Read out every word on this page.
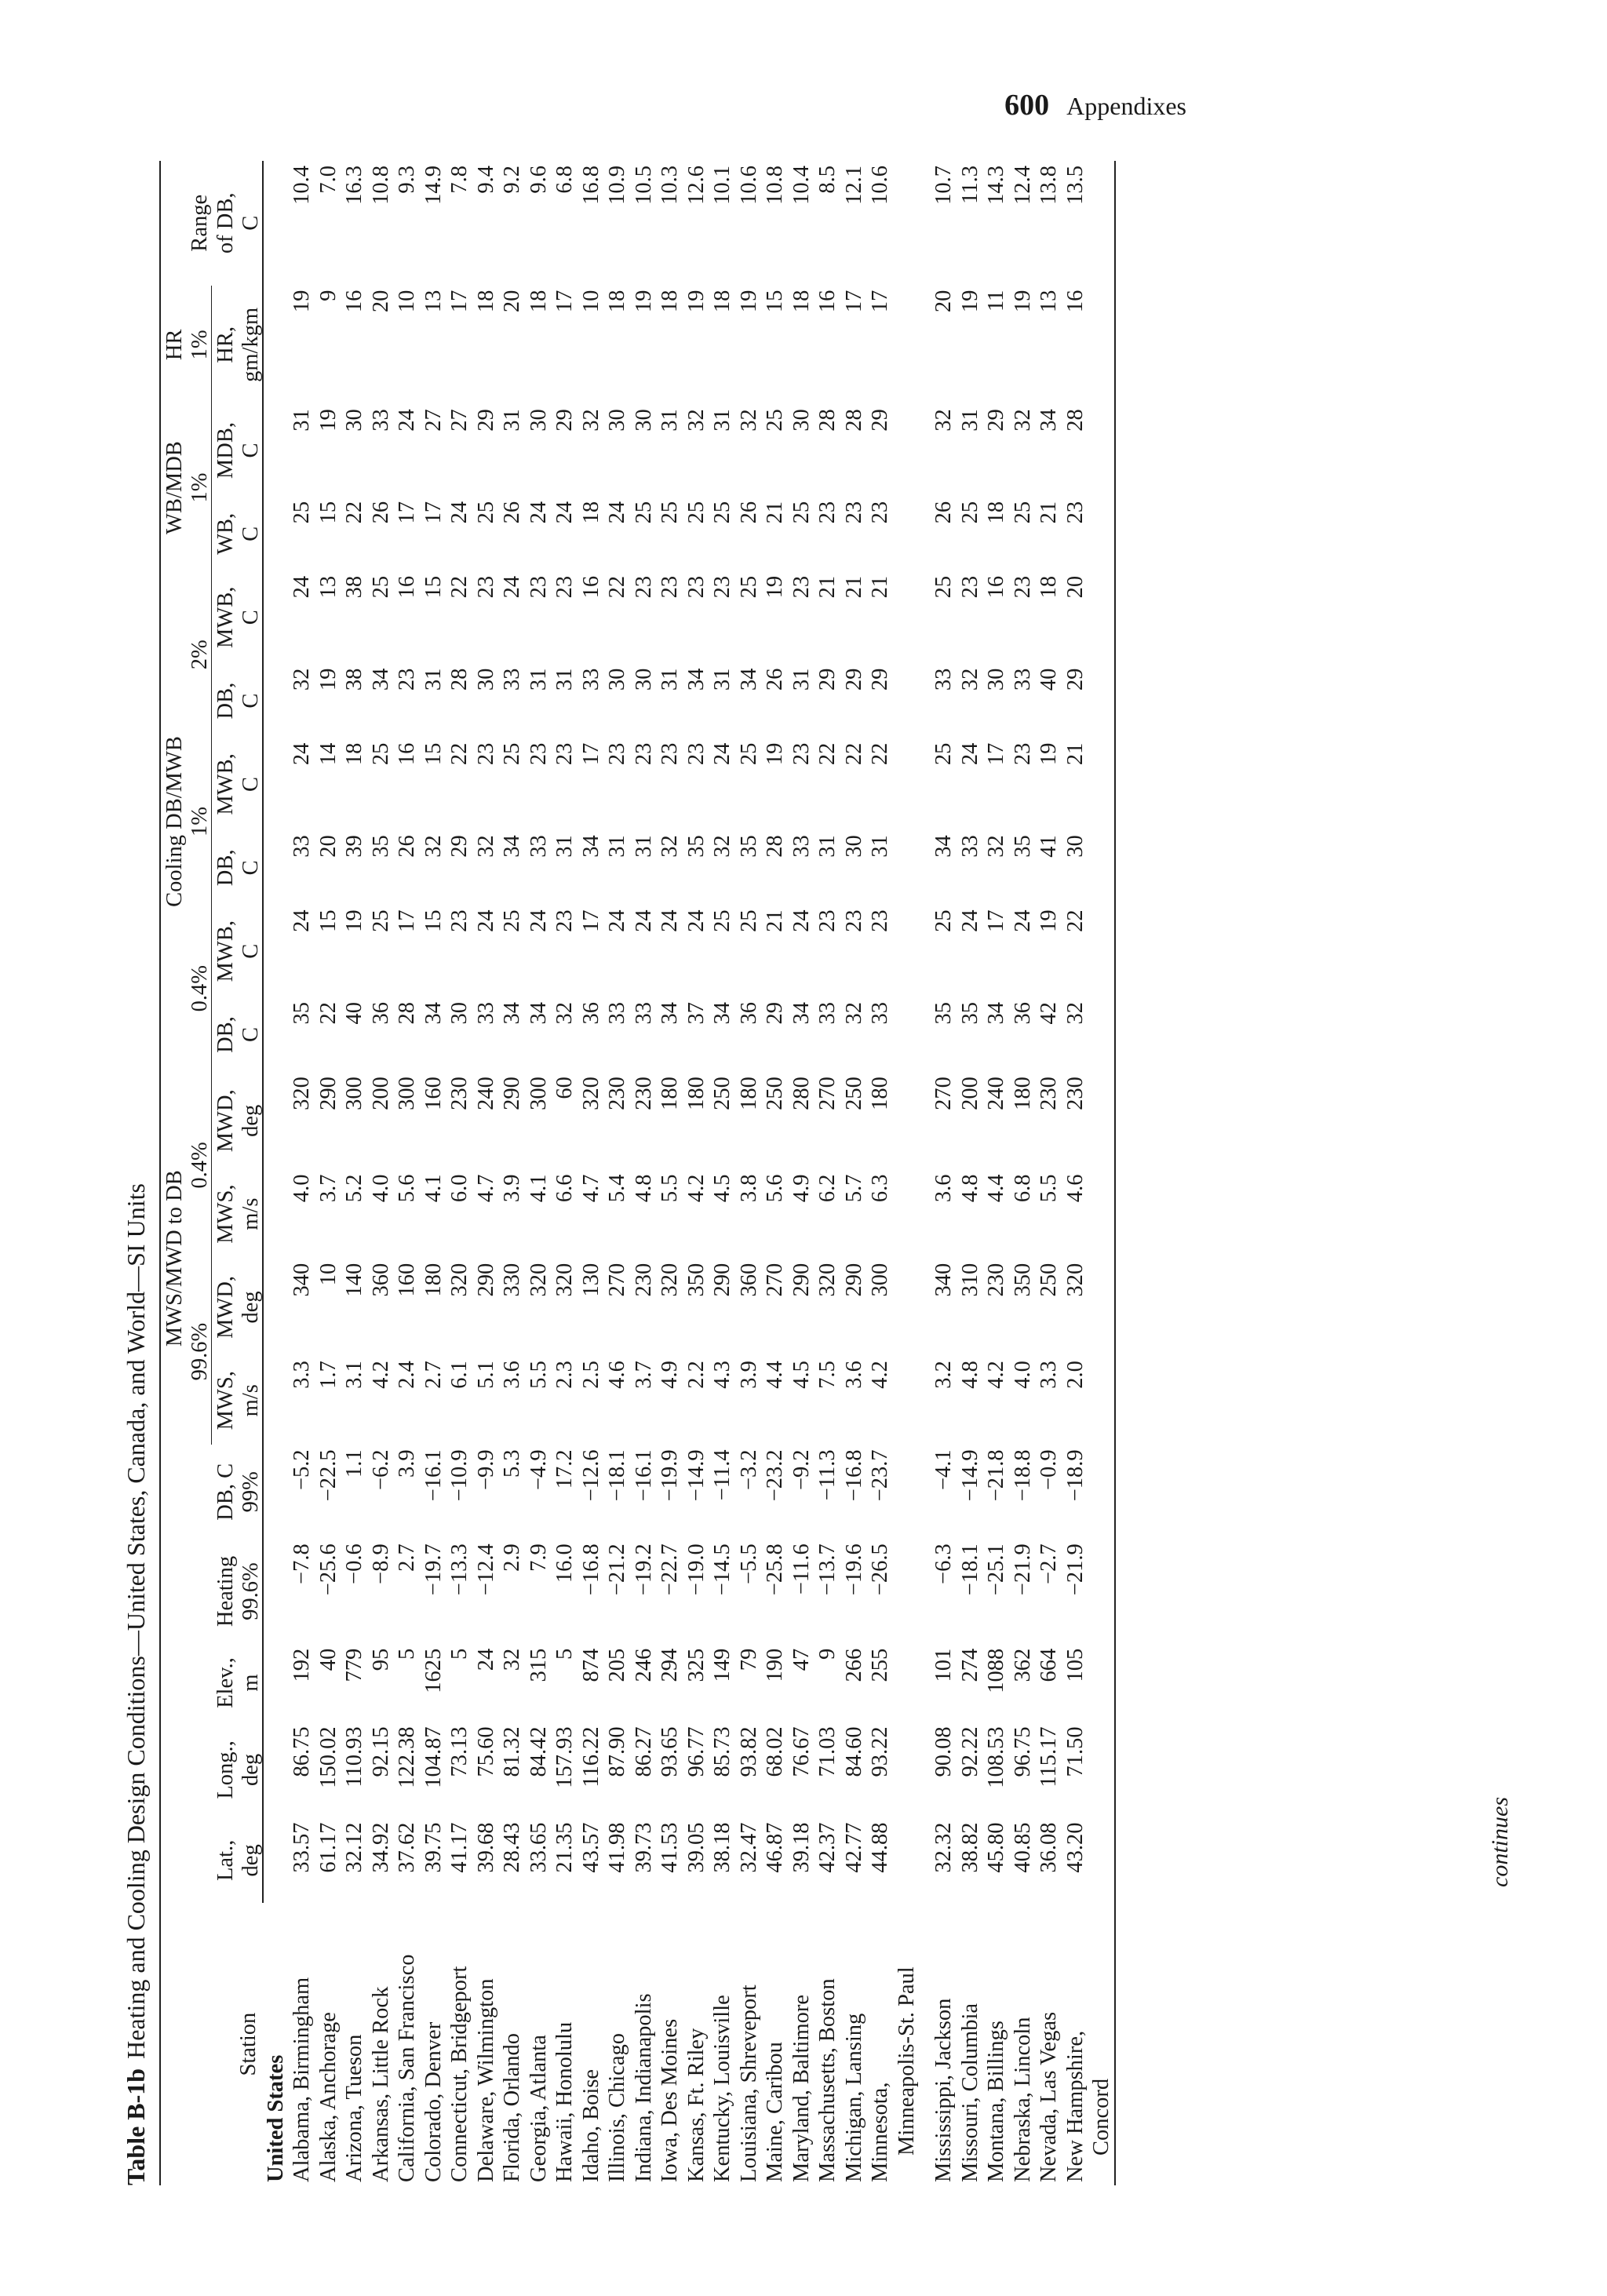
600 Appendixes
continues
Table B-1bHeating and Cooling Design Conditions—United States, Canada, and World—SI Units
						MWS/MWD to DB				Cooling DB/MWB						WB/MDB		HR	
						99.6%		0.4%		0.4%		1%		2%		1%		1%	Range
Station	Lat.,	Long.,	Elev.,	Heating	DB, C	MWS,	MWD,	MWS,	MWD,	DB,	MWB,	DB,	MWB,	DB,	MWB,	WB,	MDB,	HR,	of DB,
	deg	deg	m	99.6%	99%	m/s	deg	m/s	deg	C	C	C	C	C	C	C	C	gm/kgm	C
United States																			
Alabama, Birmingham	33.57	86.75	192	−7.8	−5.2	3.3	340	4.0	320	35	24	33	24	32	24	25	31	19	10.4
Alaska, Anchorage	61.17	150.02	40	−25.6	−22.5	1.7	10	3.7	290	22	15	20	14	19	13	15	19	9	7.0
Arizona, Tueson	32.12	110.93	779	−0.6	1.1	3.1	140	5.2	300	40	19	39	18	38	38	22	30	16	16.3
Arkansas, Little Rock	34.92	92.15	95	−8.9	−6.2	4.2	360	4.0	200	36	25	35	25	34	25	26	33	20	10.8
California, San Francisco	37.62	122.38	5	2.7	3.9	2.4	160	5.6	300	28	17	26	16	23	16	17	24	10	9.3
Colorado, Denver	39.75	104.87	1625	−19.7	−16.1	2.7	180	4.1	160	34	15	32	15	31	15	17	27	13	14.9
Connecticut, Bridgeport	41.17	73.13	5	−13.3	−10.9	6.1	320	6.0	230	30	23	29	22	28	22	24	27	17	7.8
Delaware, Wilmington	39.68	75.60	24	−12.4	−9.9	5.1	290	4.7	240	33	24	32	23	30	23	25	29	18	9.4
Florida, Orlando	28.43	81.32	32	2.9	5.3	3.6	330	3.9	290	34	25	34	25	33	24	26	31	20	9.2
Georgia, Atlanta	33.65	84.42	315	7.9	−4.9	5.5	320	4.1	300	34	24	33	23	31	23	24	30	18	9.6
Hawaii, Honolulu	21.35	157.93	5	16.0	17.2	2.3	320	6.6	60	32	23	31	23	31	23	24	29	17	6.8
Idaho, Boise	43.57	116.22	874	−16.8	−12.6	2.5	130	4.7	320	36	17	34	17	33	16	18	32	10	16.8
Illinois, Chicago	41.98	87.90	205	−21.2	−18.1	4.6	270	5.4	230	33	24	31	23	30	22	24	30	18	10.9
Indiana, Indianapolis	39.73	86.27	246	−19.2	−16.1	3.7	230	4.8	230	33	24	31	23	30	23	25	30	19	10.5
Iowa, Des Moines	41.53	93.65	294	−22.7	−19.9	4.9	320	5.5	180	34	24	32	23	31	23	25	31	18	10.3
Kansas, Ft. Riley	39.05	96.77	325	−19.0	−14.9	2.2	350	4.2	180	37	24	35	23	34	23	25	32	19	12.6
Kentucky, Louisville	38.18	85.73	149	−14.5	−11.4	4.3	290	4.5	250	34	25	32	24	31	23	25	31	18	10.1
Louisiana, Shreveport	32.47	93.82	79	−5.5	−3.2	3.9	360	3.8	180	36	25	35	25	34	25	26	32	19	10.6
Maine, Caribou	46.87	68.02	190	−25.8	−23.2	4.4	270	5.6	250	29	21	28	19	26	19	21	25	15	10.8
Maryland, Baltimore	39.18	76.67	47	−11.6	−9.2	4.5	290	4.9	280	34	24	33	23	31	23	25	30	18	10.4
Massachusetts, Boston	42.37	71.03	9	−13.7	−11.3	7.5	320	6.2	270	33	23	31	22	29	21	23	28	16	8.5
Michigan, Lansing	42.77	84.60	266	−19.6	−16.8	3.6	290	5.7	250	32	23	30	22	29	21	23	28	17	12.1
Minnesota,	44.88	93.22	255	−26.5	−23.7	4.2	300	6.3	180	33	23	31	22	29	21	23	29	17	10.6
Minneapolis-St. Paul																			

Mississippi, Jackson	32.32	90.08	101	−6.3	−4.1	3.2	340	3.6	270	35	25	34	25	33	25	26	32	20	10.7
Missouri, Columbia	38.82	92.22	274	−18.1	−14.9	4.8	310	4.8	200	35	24	33	24	32	23	25	31	19	11.3
Montana, Billings	45.80	108.53	1088	−25.1	−21.8	4.2	230	4.4	240	34	17	32	17	30	16	18	29	11	14.3
Nebraska, Lincoln	40.85	96.75	362	−21.9	−18.8	4.0	350	6.8	180	36	24	35	23	33	23	25	32	19	12.4
Nevada, Las Vegas	36.08	115.17	664	−2.7	−0.9	3.3	250	5.5	230	42	19	41	19	40	18	21	34	13	13.8
New Hampshire,	43.20	71.50	105	−21.9	−18.9	2.0	320	4.6	230	32	22	30	21	29	20	23	28	16	13.5
Concord																			
